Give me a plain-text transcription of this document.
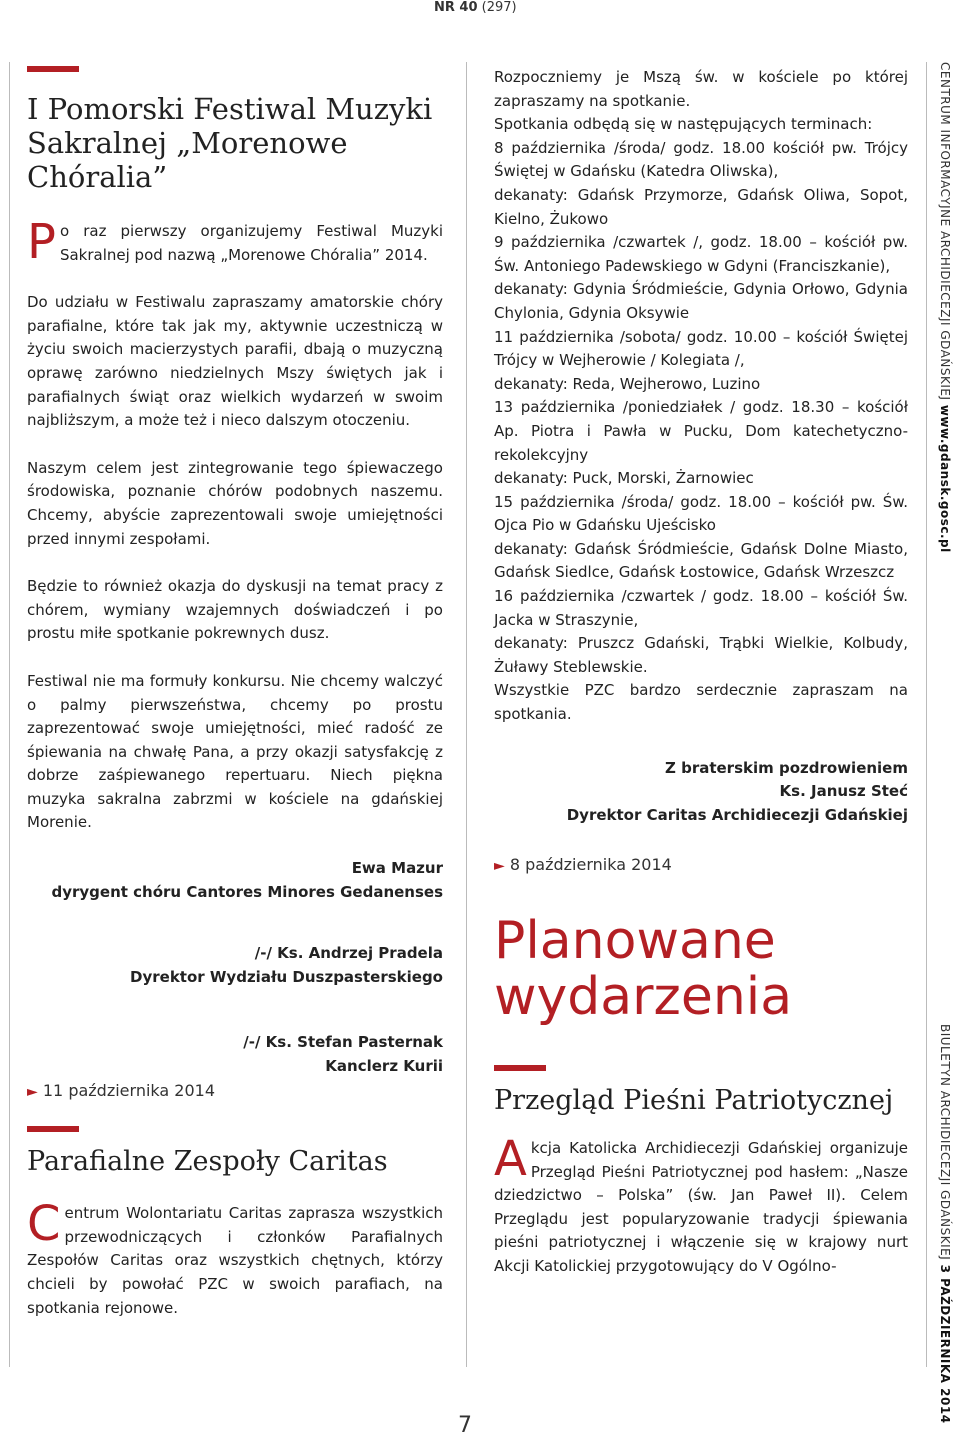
NR 40 (297)
I Pomorski Festiwal Muzyki Sakralnej „Morenowe Chóralia”
P o raz pierwszy organizujemy Festiwal Muzyki Sakralnej pod nazwą „Morenowe Chóralia” 2014.

Do udziału w Festiwalu zapraszamy amatorskie chóry parafialne, które tak jak my, aktywnie uczestniczą w życiu swoich macierzystych parafii, dbają o muzyczną oprawę zarówno niedzielnych Mszy świętych jak i parafialnych świąt oraz wielkich wydarzeń w swoim najbliższym, a może też i nieco dalszym otoczeniu.

Naszym celem jest zintegrowanie tego śpiewaczego środowiska, poznanie chórów podobnych naszemu. Chcemy, abyście zaprezentowali swoje umiejętności przed innymi zespołami.

Będzie to również okazja do dyskusji na temat pracy z chórem, wymiany wzajemnych doświadczeń i po prostu miłe spotkanie pokrewnych dusz.

Festiwal nie ma formuły konkursu. Nie chcemy walczyć o palmy pierwszeństwa, chcemy po prostu zaprezentować swoje umiejętności, mieć radość ze śpiewania na chwałę Pana, a przy okazji satysfakcję z dobrze zaśpiewanego repertuaru. Niech piękna muzyka sakralna zabrzmi w kościele na gdańskiej Morenie.

Ewa Mazur

dyrygent chóru Cantores Minores Gedanenses

/-/ Ks. Andrzej Pradela

Dyrektor Wydziału Duszpasterskiego

/-/ Ks. Stefan Pasternak

Kanclerz Kurii

► 11 października 2014

Parafialne Zespoły Caritas
C entrum Wolontariatu Caritas zaprasza wszystkich przewodniczących i członków Parafialnych Zespołów Caritas oraz wszystkich chętnych, którzy chcieli by powołać PZC w swoich parafiach, na spotkania rejonowe.

Rozpoczniemy je Mszą św. w kościele po której zapraszamy na spotkanie.

Spotkania odbędą się w następujących terminach:

8 października /środa/ godz. 18.00 kościół pw. Trójcy Świętej w Gdańsku (Katedra Oliwska),

dekanaty: Gdańsk Przymorze, Gdańsk Oliwa, Sopot, Kielno, Żukowo

9 października /czwartek /, godz. 18.00 – kościół pw. Św. Antoniego Padewskiego w Gdyni (Franciszkanie),

dekanaty: Gdynia Śródmieście, Gdynia Orłowo, Gdynia Chylonia, Gdynia Oksywie

11 października /sobota/ godz. 10.00 – kościół Świętej Trójcy w Wejherowie / Kolegiata /,

dekanaty: Reda, Wejherowo, Luzino

13 października /poniedziałek / godz. 18.30 – kościół Ap. Piotra i Pawła w Pucku, Dom katechetyczno-rekolekcyjny

dekanaty: Puck, Morski, Żarnowiec

15 października /środa/ godz. 18.00 – kościół pw. Św. Ojca Pio w Gdańsku Ujeścisko

dekanaty: Gdańsk Śródmieście, Gdańsk Dolne Miasto, Gdańsk Siedlce, Gdańsk Łostowice, Gdańsk Wrzeszcz

16 października /czwartek / godz. 18.00 – kościół Św. Jacka w Straszynie,

dekanaty: Pruszcz Gdański, Trąbki Wielkie, Kolbudy, Żuławy Steblewskie.

Wszystkie PZC bardzo serdecznie zapraszam na spotkania.

Z braterskim pozdrowieniem

Ks. Janusz Steć

Dyrektor Caritas Archidiecezji Gdańskiej

► 8 października 2014

Planowane wydarzenia
Przegląd Pieśni Patriotycznej
A kcja Katolicka Archidiecezji Gdańskiej organizuje Przegląd Pieśni Patriotycznej pod hasłem: „Nasze dziedzictwo – Polska” (św. Jan Paweł II). Celem Przeglądu jest popularyzowanie tradycji śpiewania pieśni patriotycznej i włączenie się w krajowy nurt Akcji Katolickiej przygotowujący do V Ogólno-
CENTRUM INFORMACYJNE ARCHIDIECEZJI GDAŃSKIEJ www.gdansk.gosc.pl
BIULETYN ARCHIDIECEZJI GDAŃSKIEJ 3 PAŹDZIERNIKA 2014
7
